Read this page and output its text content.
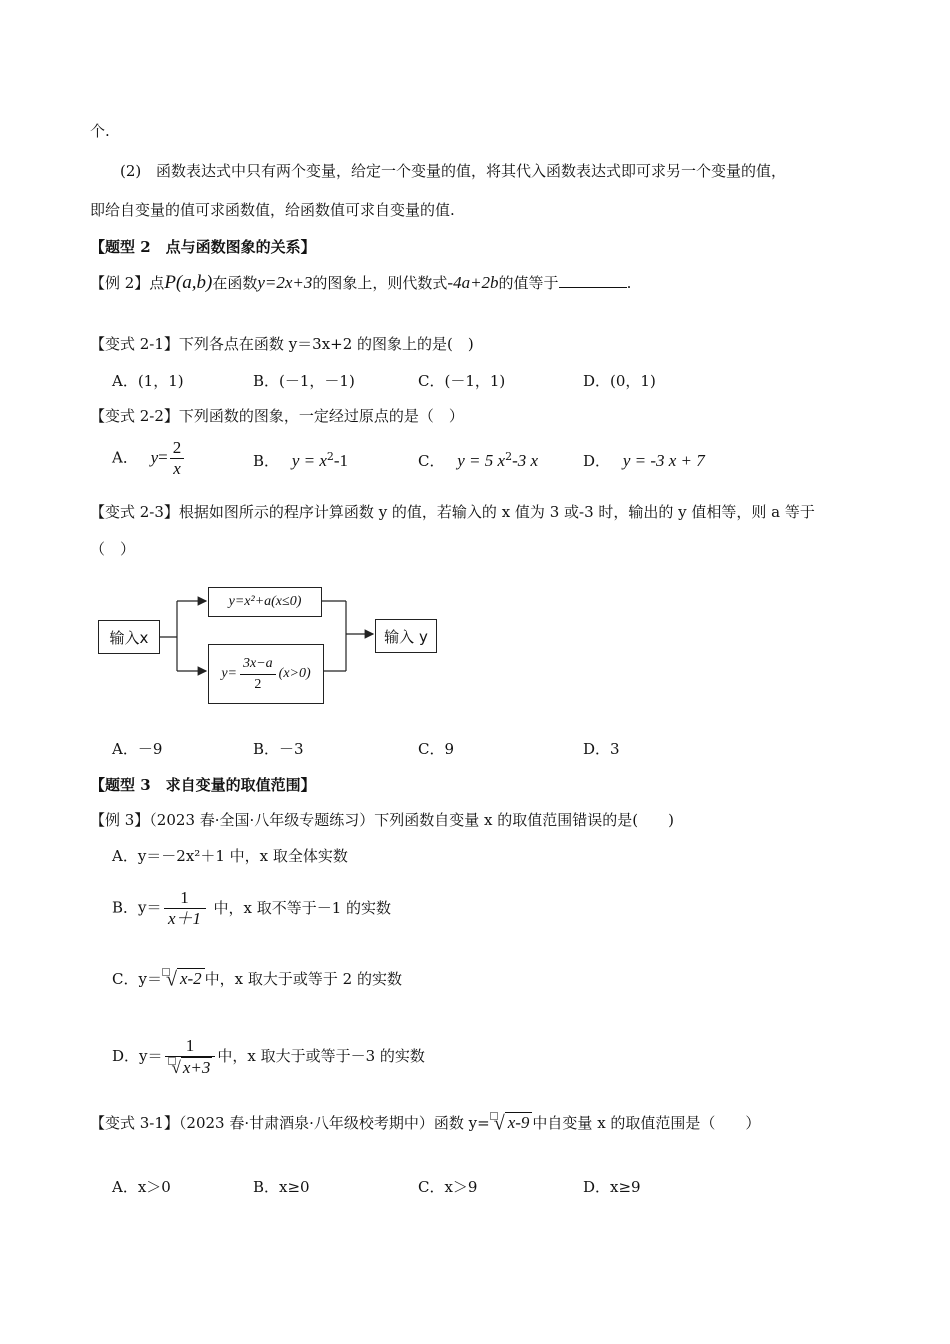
个.
(2) 函数表达式中只有两个变量，给定一个变量的值，将其代入函数表达式即可求另一个变量的值，
即给自变量的值可求函数值，给函数值可求自变量的值.
【题型 2　点与函数图象的关系】
【例 2】点P(a,b)在函数y=2x+3的图象上，则代数式-4a+2b的值等于	.
【变式 2-1】下列各点在函数 y＝3x+2 的图象上的是(　)
A．(1，1)	B．(－1，－1)	C．(－1，1)	D．(0，1)
【变式 2-2】下列函数的图象，一定经过原点的是（　）
A． $y= \frac{2}{x}$	B． $y = x^2-1$	C． y = 5 $x^2-3$ x	D． y = -3 x + 7
【变式 2-3】根据如图所示的程序计算函数 y 的值，若输入的 x 值为 3 或-3 时，输出的 y 值相等，则 a 等于
（　）
输入x
y=x²+a(x≤0)
$y= \frac{3x-a}{2} (x>0)$
输入 y
A．－9	B．－3	C．9	D．3
【题型 3　求自变量的取值范围】
【例 3】（2023 春·全国·八年级专题练习）下列函数自变量 x 的取值范围错误的是(　　)
A．y＝－2x²＋1 中，x 取全体实数
B．$y= \frac{1}{x+1}$ 中，x 取不等于－1 的实数
C．y＝ √ x-2 中，x 取大于或等于 2 的实数
D．$y= \frac{1}{√ x+3}$ 中，x 取大于或等于－3 的实数
【变式 3-1】（2023 春·甘肃酒泉·八年级校考期中）函数 y= √ x-9 中自变量 x 的取值范围是（　　）
A．x＞0	B．x≥0	C．x＞9	D．x≥9
